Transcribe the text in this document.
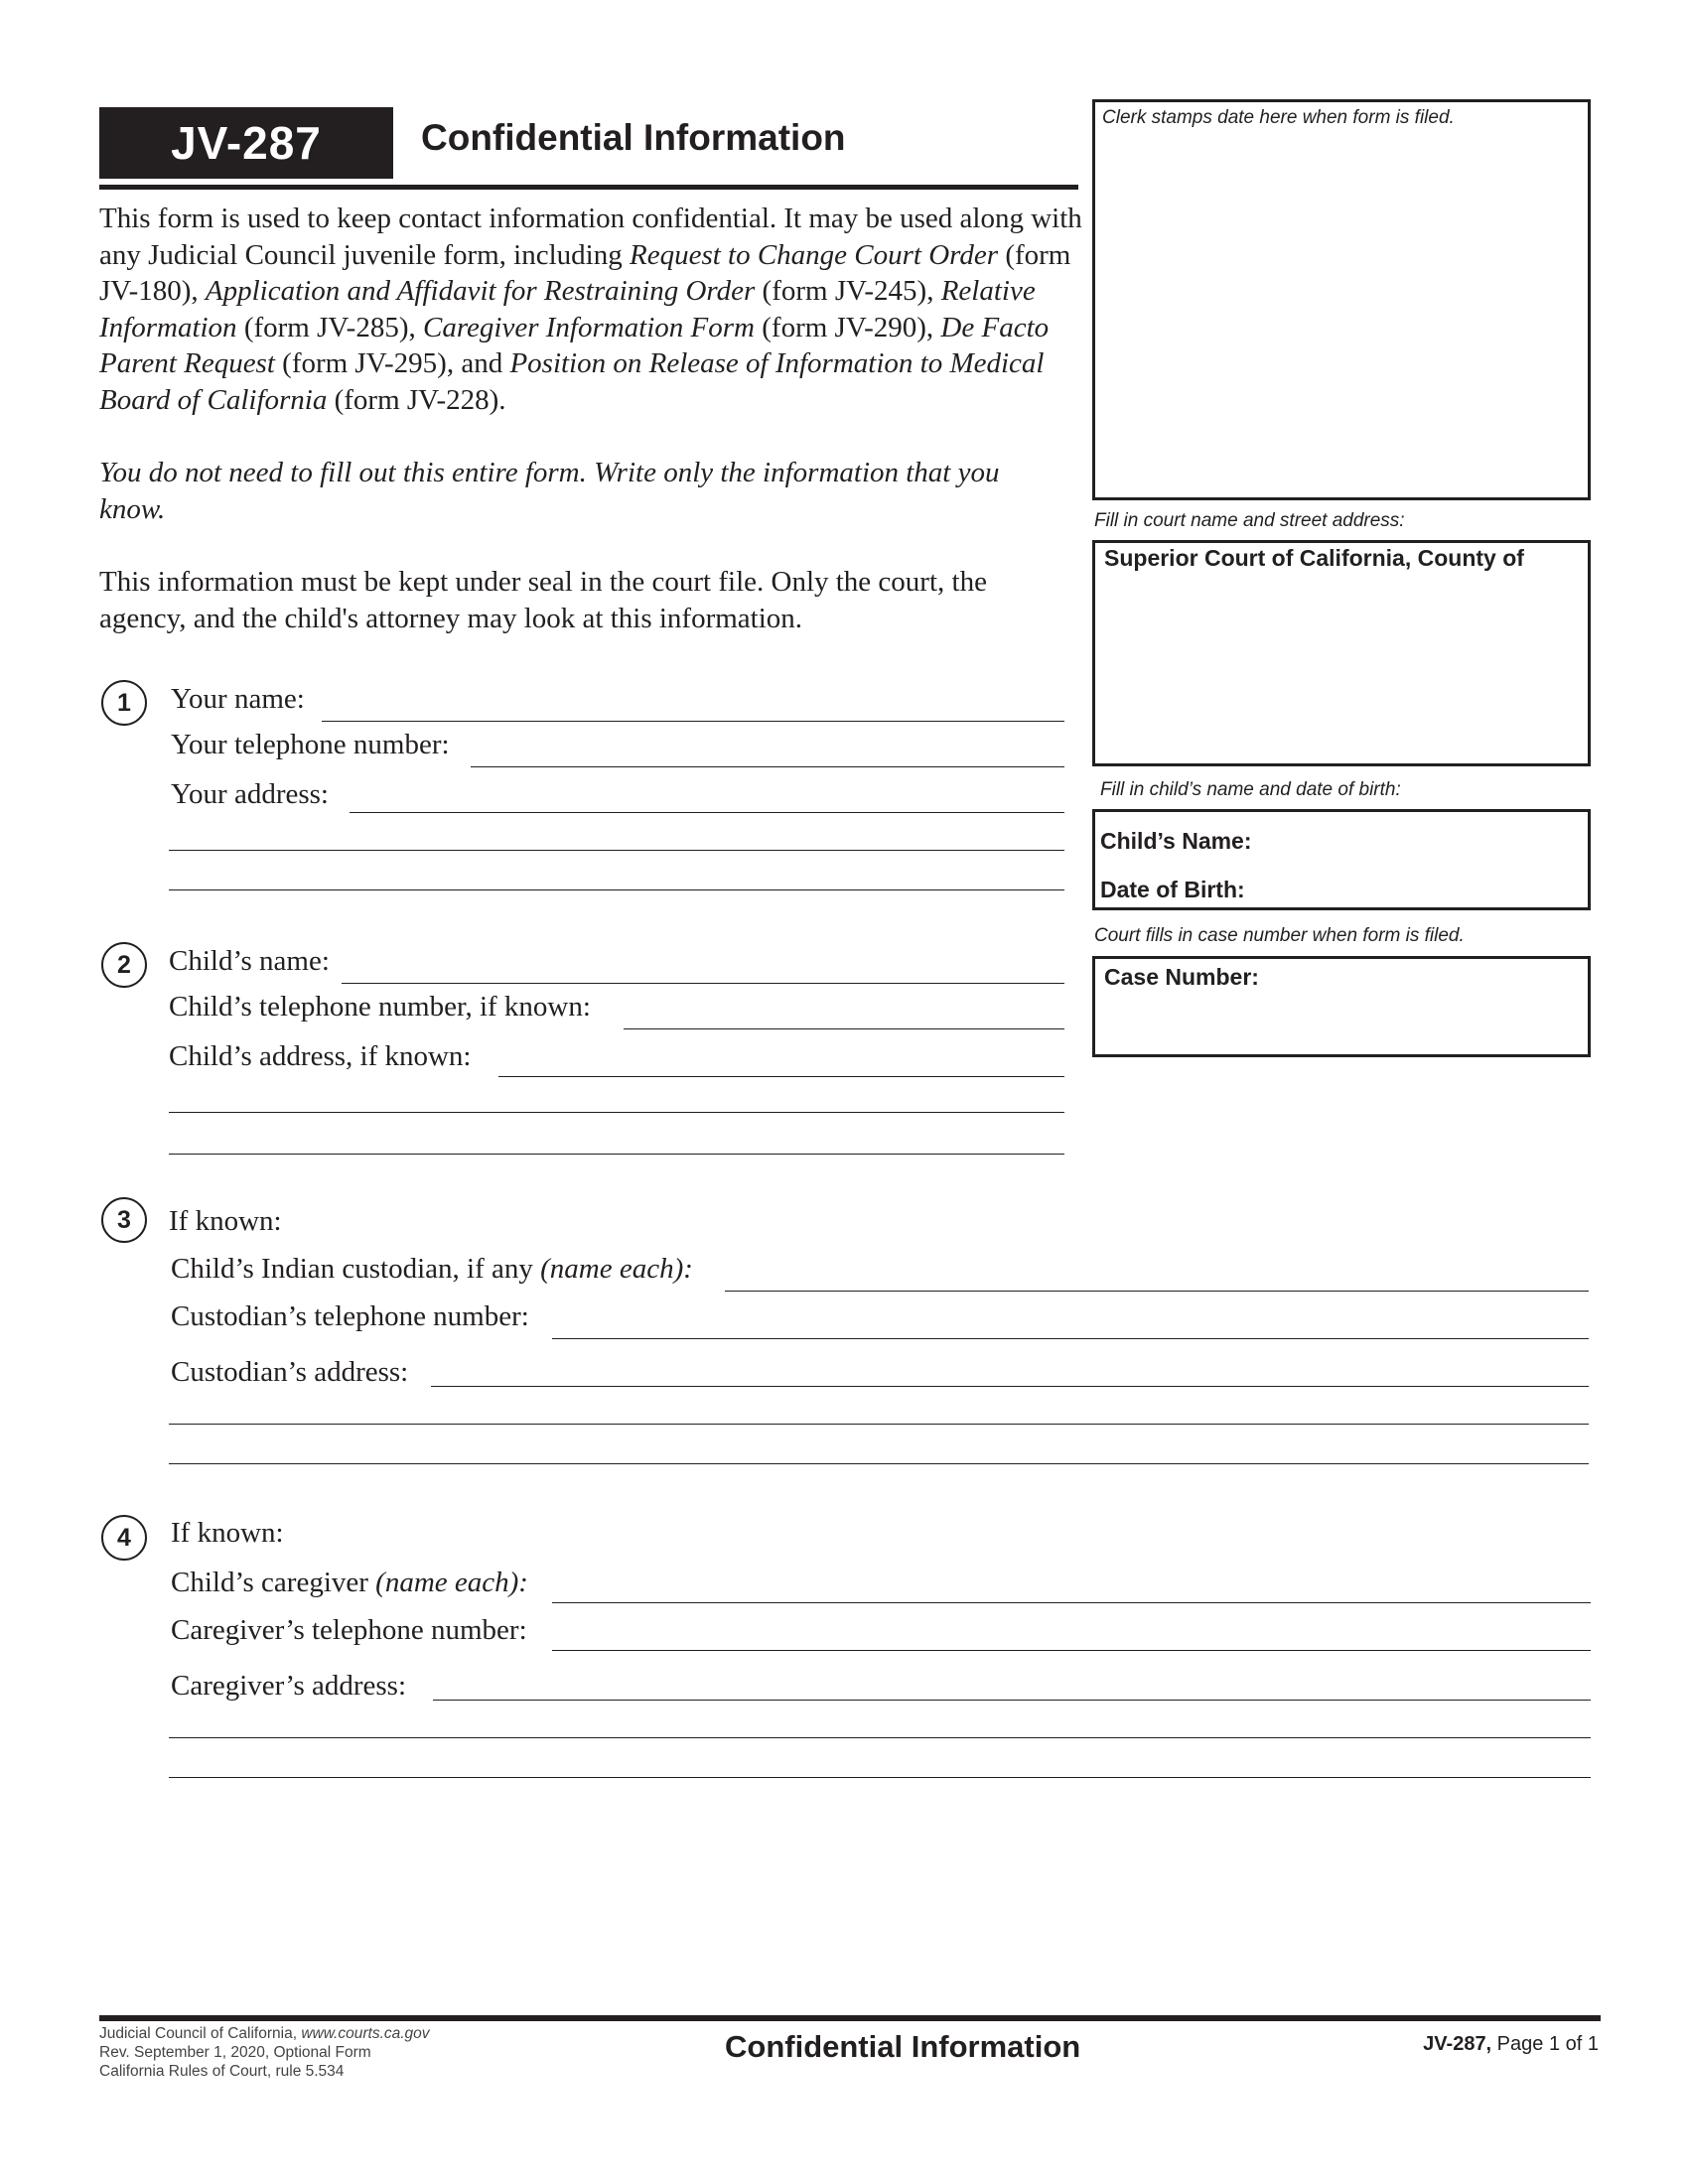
JV-287	Confidential Information
This form is used to keep contact information confidential. It may be used along with any Judicial Council juvenile form, including Request to Change Court Order (form JV-180), Application and Affidavit for Restraining Order (form JV-245), Relative Information (form JV-285), Caregiver Information Form (form JV-290), De Facto Parent Request (form JV-295), and Position on Release of Information to Medical Board of California (form JV-228).
You do not need to fill out this entire form. Write only the information that you know.
This information must be kept under seal in the court file. Only the court, the agency, and the child's attorney may look at this information.
Clerk stamps date here when form is filed.
Fill in court name and street address:
Superior Court of California, County of
Fill in child’s name and date of birth:
Child’s Name:
Date of Birth:
Court fills in case number when form is filed.
Case Number:
1	Your name:
Your telephone number:
Your address:
2	Child’s name:
Child’s telephone number, if known:
Child’s address, if known:
3	If known:
Child’s Indian custodian, if any (name each):
Custodian’s telephone number:
Custodian’s address:
4	If known:
Child’s caregiver (name each):
Caregiver’s telephone number:
Caregiver’s address:
Judicial Council of California, www.courts.ca.gov
Rev. September 1, 2020, Optional Form
California Rules of Court, rule 5.534
Confidential Information	JV-287, Page 1 of 1
